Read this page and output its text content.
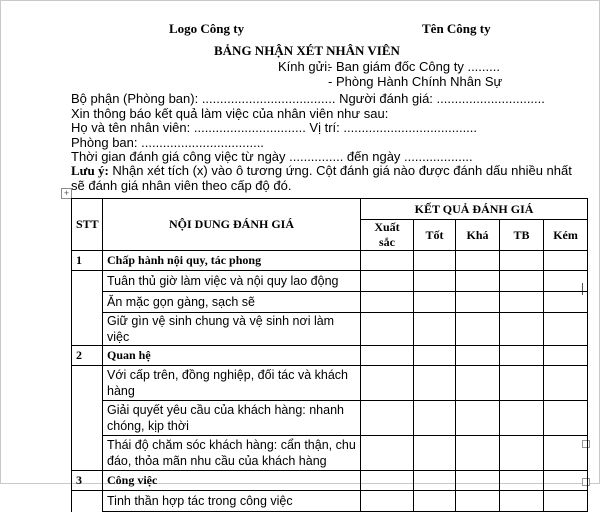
Logo Công ty	Tên Công ty
BẢNG NHẬN XÉT NHÂN VIÊN
Kính gửi:
- Ban giám đốc Công ty .........
- Phòng Hành Chính Nhân Sự
Bộ phận (Phòng ban): ..................................... Người đánh giá: ..............................
Xin thông báo kết quả làm việc của nhân viên như sau:
Họ và tên nhân viên: ............................... Vị trí: .....................................
Phòng ban: ..................................
Thời gian đánh giá công việc từ ngày ............... đến ngày ...................
Lưu ý: Nhận xét tích (x) vào ô tương ứng. Cột đánh giá nào được đánh dấu nhiều nhất
sẽ đánh giá nhân viên theo cấp độ đó.
+
STT	NỘI DUNG ĐÁNH GIÁ	KẾT QUẢ ĐÁNH GIÁ				
		Xuất sắc	Tốt	Khá	TB	Kém
1	Chấp hành nội quy, tác phong					
	Tuân thủ giờ làm việc và nội quy lao động					
	Ăn mặc gọn gàng, sạch sẽ					
	Giữ gìn vệ sinh chung và vệ sinh nơi làm việc					
2	Quan hệ					
	Với cấp trên, đồng nghiệp, đối tác và khách hàng					
	Giải quyết yêu cầu của khách hàng: nhanh chóng, kịp thời					
	Thái độ chăm sóc khách hàng: cẩn thận, chu đáo, thỏa mãn nhu cầu của khách hàng					
3	Công việc					
	Tinh thần hợp tác trong công việc					
